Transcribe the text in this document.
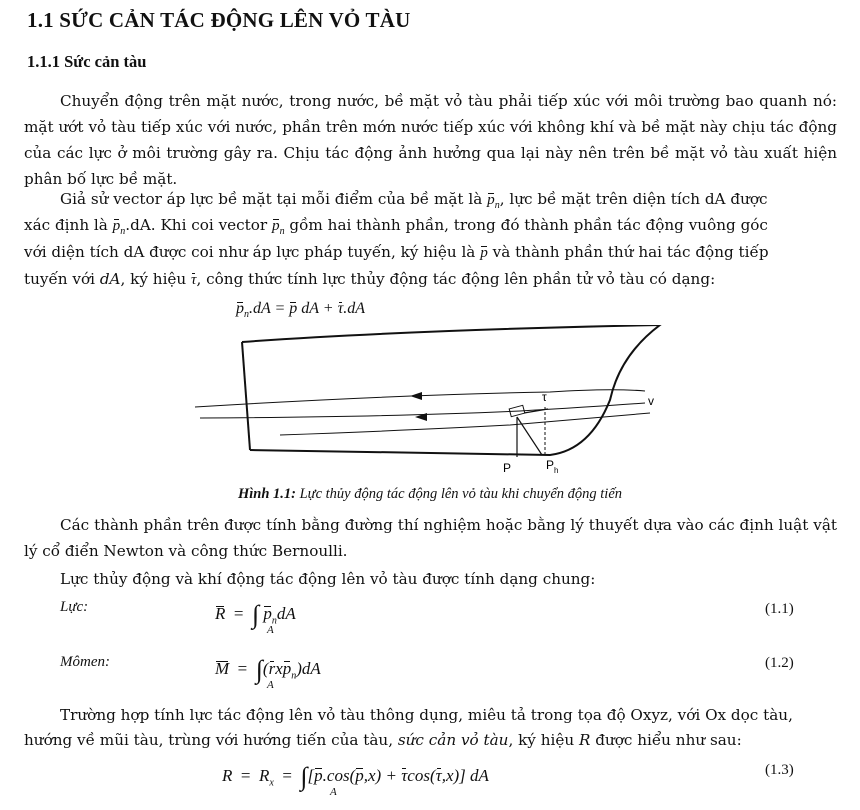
1.1 SỨC CẢN TÁC ĐỘNG LÊN VỎ TÀU
1.1.1 Sức cản tàu

Chuyển động trên mặt nước, trong nước, bề mặt vỏ tàu phải tiếp xúc với môi trường bao quanh nó: mặt ướt vỏ tàu tiếp xúc với nước, phần trên mớn nước tiếp xúc với không khí và bề mặt này chịu tác động của các lực ở môi trường gây ra. Chịu tác động ảnh hưởng qua lại này nên trên bề mặt vỏ tàu xuất hiện phân bố lực bề mặt.

Giả sử vector áp lực bề mặt tại mỗi điểm của bề mặt là $p_n$, lực bề mặt trên diện tích dA được
xác định là $p_n.dA$. Khi coi vector $p_n$ gồm hai thành phần, trong đó thành phần tác động vuông góc
với diện tích dA được coi như áp lực pháp tuyến, ký hiệu là p và thành phần thứ hai tác động tiếp
tuyến với dA, ký hiệu τ, công thức tính lực thủy động tác động lên phần tử vỏ tàu có dạng:
$p_n.dA = p$ dA + τ.dA
v
τ
P	P h
Hình 1.1: Lực thủy động tác động lên vỏ tàu khi chuyển động tiến

Các thành phần trên được tính bằng đường thí nghiệm hoặc bằng lý thuyết dựa vào các định luật vật lý cổ điển Newton và công thức Bernoulli.

Lực thủy động và khí động tác động lên vỏ tàu được tính dạng chung:

Lực:	R = ∫ $p_ndA$
A
(1.1)
Mômen:	M = ∫(rxp$_n$)dA
A
(1.2)
Trường hợp tính lực tác động lên vỏ tàu thông dụng, miêu tả trong tọa độ Oxyz, với Ox dọc tàu,
hướng về mũi tàu, trùng với hướng tiến của tàu, sức cản vỏ tàu, ký hiệu R được hiểu như sau:
$R = R_x = \int[p.\cos(p,x) + \tau\cos(\tau,x)]$ dA
A
(1.3)
